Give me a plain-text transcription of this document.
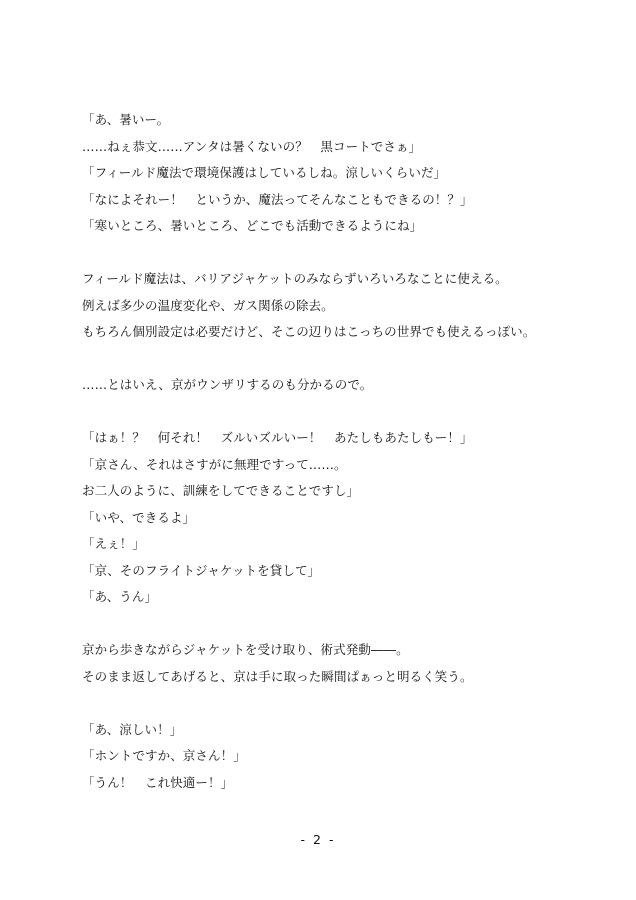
「あ、暑いー。
……ねぇ恭文……アンタは暑くないの？　黒コートでさぁ」
「フィールド魔法で環境保護はしているしね。涼しいくらいだ」
「なによそれー！　というか、魔法ってそんなこともできるの！？」
「寒いところ、暑いところ、どこでも活動できるようにね」
フィールド魔法は、バリアジャケットのみならずいろいろなことに使える。
例えば多少の温度変化や、ガス関係の除去。
もちろん個別設定は必要だけど、そこの辺りはこっちの世界でも使えるっぽい。
……とはいえ、京がウンザリするのも分かるので。
「はぁ！？　何それ！　ズルいズルいー！　あたしもあたしもー！」
「京さん、それはさすがに無理ですって……。
お二人のように、訓練をしてできることですし」
「いや、できるよ」
「えぇ！」
「京、そのフライトジャケットを貸して」
「あ、うん」
京から歩きながらジャケットを受け取り、術式発動――。
そのまま返してあげると、京は手に取った瞬間ぱぁっと明るく笑う。
「あ、涼しい！」
「ホントですか、京さん！」
「うん！　これ快適ー！」
- 2 -
